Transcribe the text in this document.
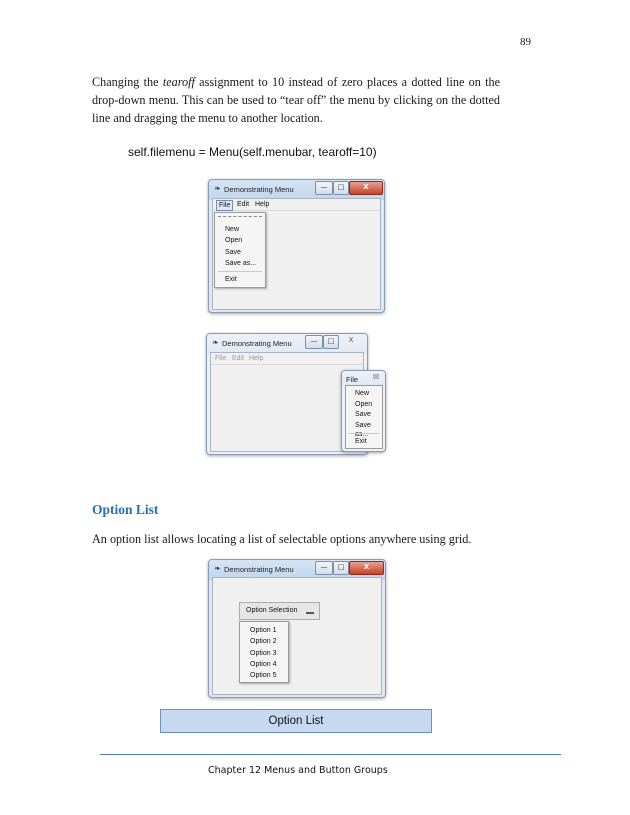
89
Changing the tearoff assignment to 10 instead of zero places a dotted line on the drop-down menu. This can be used to “tear off” the menu by clicking on the dotted line and dragging the menu to another location.
self.filemenu = Menu(self.menubar, tearoff=10)
❧ Demonstrating Menu	—	□	X
File Edit Help
New
Open
Save
Save as...
Exit
❧ Demonstrating Menu	—	□	X
File Edit Help
File ☒
New
Open
Save
Save as...
Exit
Option List
An option list allows locating a list of selectable options anywhere using grid.
❧ Demonstrating Menu	—	□	X
Option Selection
Option 1
Option 2
Option 3
Option 4
Option 5
Option List
Chapter 12 Menus and Button Groups
